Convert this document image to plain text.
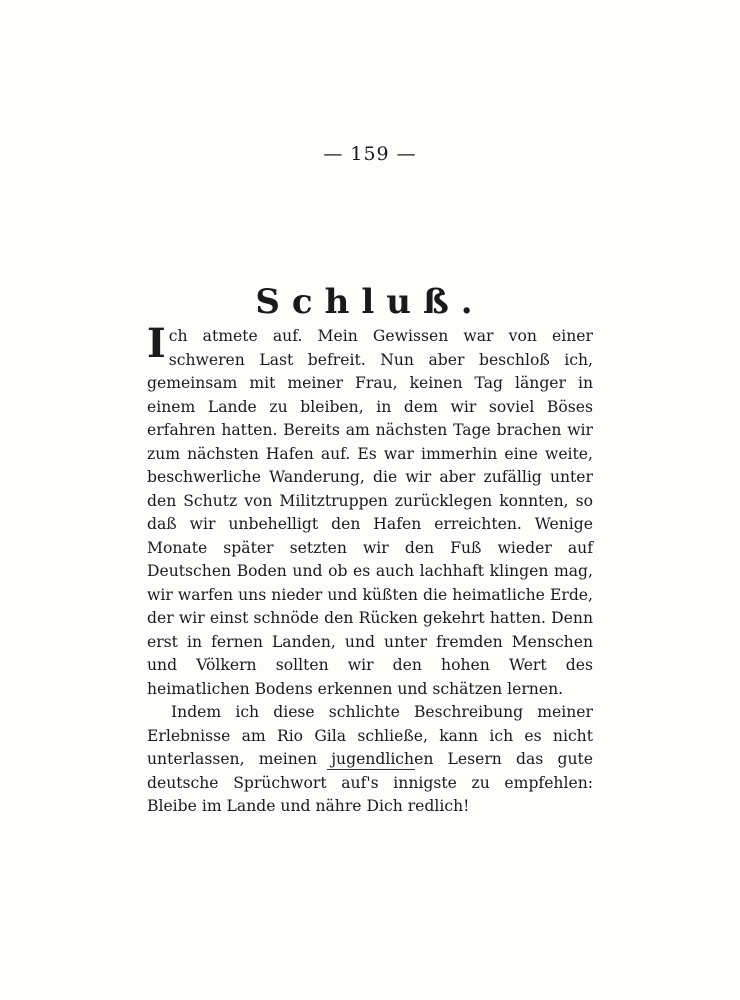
— 159 —
Schluß.

Ich atmete auf. Mein Gewissen war von einer schweren Last befreit. Nun aber beschloß ich, gemeinsam mit meiner Frau, keinen Tag länger in einem Lande zu bleiben, in dem wir soviel Böses erfahren hatten. Bereits am nächsten Tage brachen wir zum nächsten Hafen auf. Es war immerhin eine weite, beschwerliche Wanderung, die wir aber zufällig unter den Schutz von Militztruppen zurücklegen konnten, so daß wir unbehelligt den Hafen erreichten. Wenige Monate später setzten wir den Fuß wieder auf Deutschen Boden und ob es auch lachhaft klingen mag, wir warfen uns nieder und küßten die heimatliche Erde, der wir einst schnöde den Rücken gekehrt hatten. Denn erst in fernen Landen, und unter fremden Menschen und Völkern sollten wir den hohen Wert des heimatlichen Bodens erkennen und schätzen lernen.

Indem ich diese schlichte Beschreibung meiner Erlebnisse am Rio Gila schließe, kann ich es nicht unterlassen, meinen jugendlichen Lesern das gute deutsche Sprüchwort auf's innigste zu empfehlen: Bleibe im Lande und nähre Dich redlich!
